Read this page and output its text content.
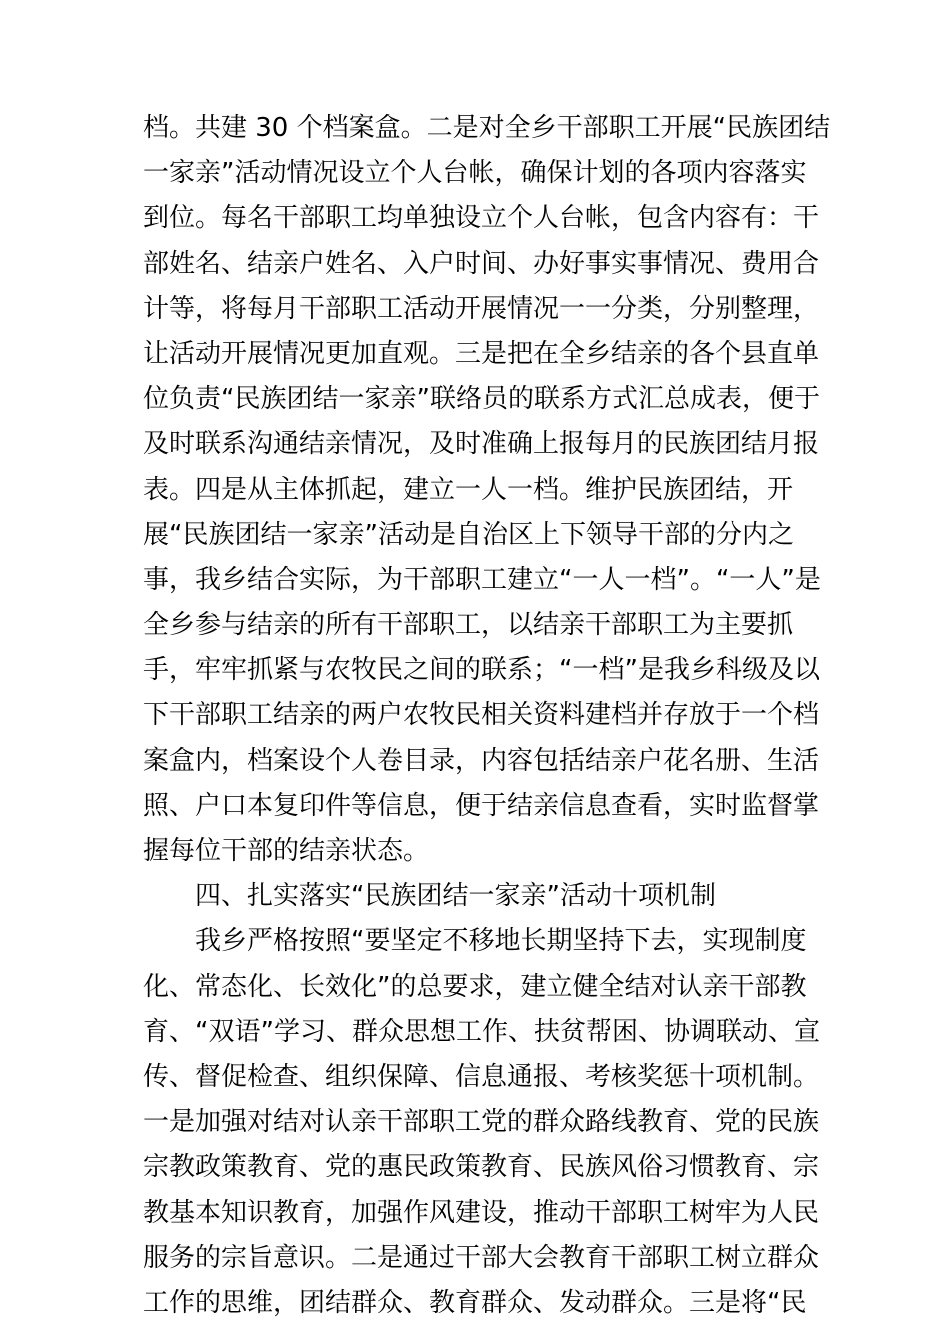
档。共建 30 个档案盒。二是对全乡干部职工开展“民族团结
一家亲”活动情况设立个人台帐，确保计划的各项内容落实
到位。每名干部职工均单独设立个人台帐，包含内容有：干
部姓名、结亲户姓名、入户时间、办好事实事情况、费用合
计等，将每月干部职工活动开展情况一一分类，分别整理，
让活动开展情况更加直观。三是把在全乡结亲的各个县直单
位负责“民族团结一家亲”联络员的联系方式汇总成表，便于
及时联系沟通结亲情况，及时准确上报每月的民族团结月报
表。四是从主体抓起，建立一人一档。维护民族团结，开
展“民族团结一家亲”活动是自治区上下领导干部的分内之
事，我乡结合实际，为干部职工建立“一人一档”。“一人”是
全乡参与结亲的所有干部职工，以结亲干部职工为主要抓
手，牢牢抓紧与农牧民之间的联系；“一档”是我乡科级及以
下干部职工结亲的两户农牧民相关资料建档并存放于一个档
案盒内，档案设个人卷目录，内容包括结亲户花名册、生活
照、户口本复印件等信息，便于结亲信息查看，实时监督掌
握每位干部的结亲状态。
四、扎实落实“民族团结一家亲”活动十项机制
我乡严格按照“要坚定不移地长期坚持下去，实现制度
化、常态化、长效化”的总要求，建立健全结对认亲干部教
育、“双语”学习、群众思想工作、扶贫帮困、协调联动、宣
传、督促检查、组织保障、信息通报、考核奖惩十项机制。
一是加强对结对认亲干部职工党的群众路线教育、党的民族
宗教政策教育、党的惠民政策教育、民族风俗习惯教育、宗
教基本知识教育，加强作风建设，推动干部职工树牢为人民
服务的宗旨意识。二是通过干部大会教育干部职工树立群众
工作的思维，团结群众、教育群众、发动群众。三是将“民
